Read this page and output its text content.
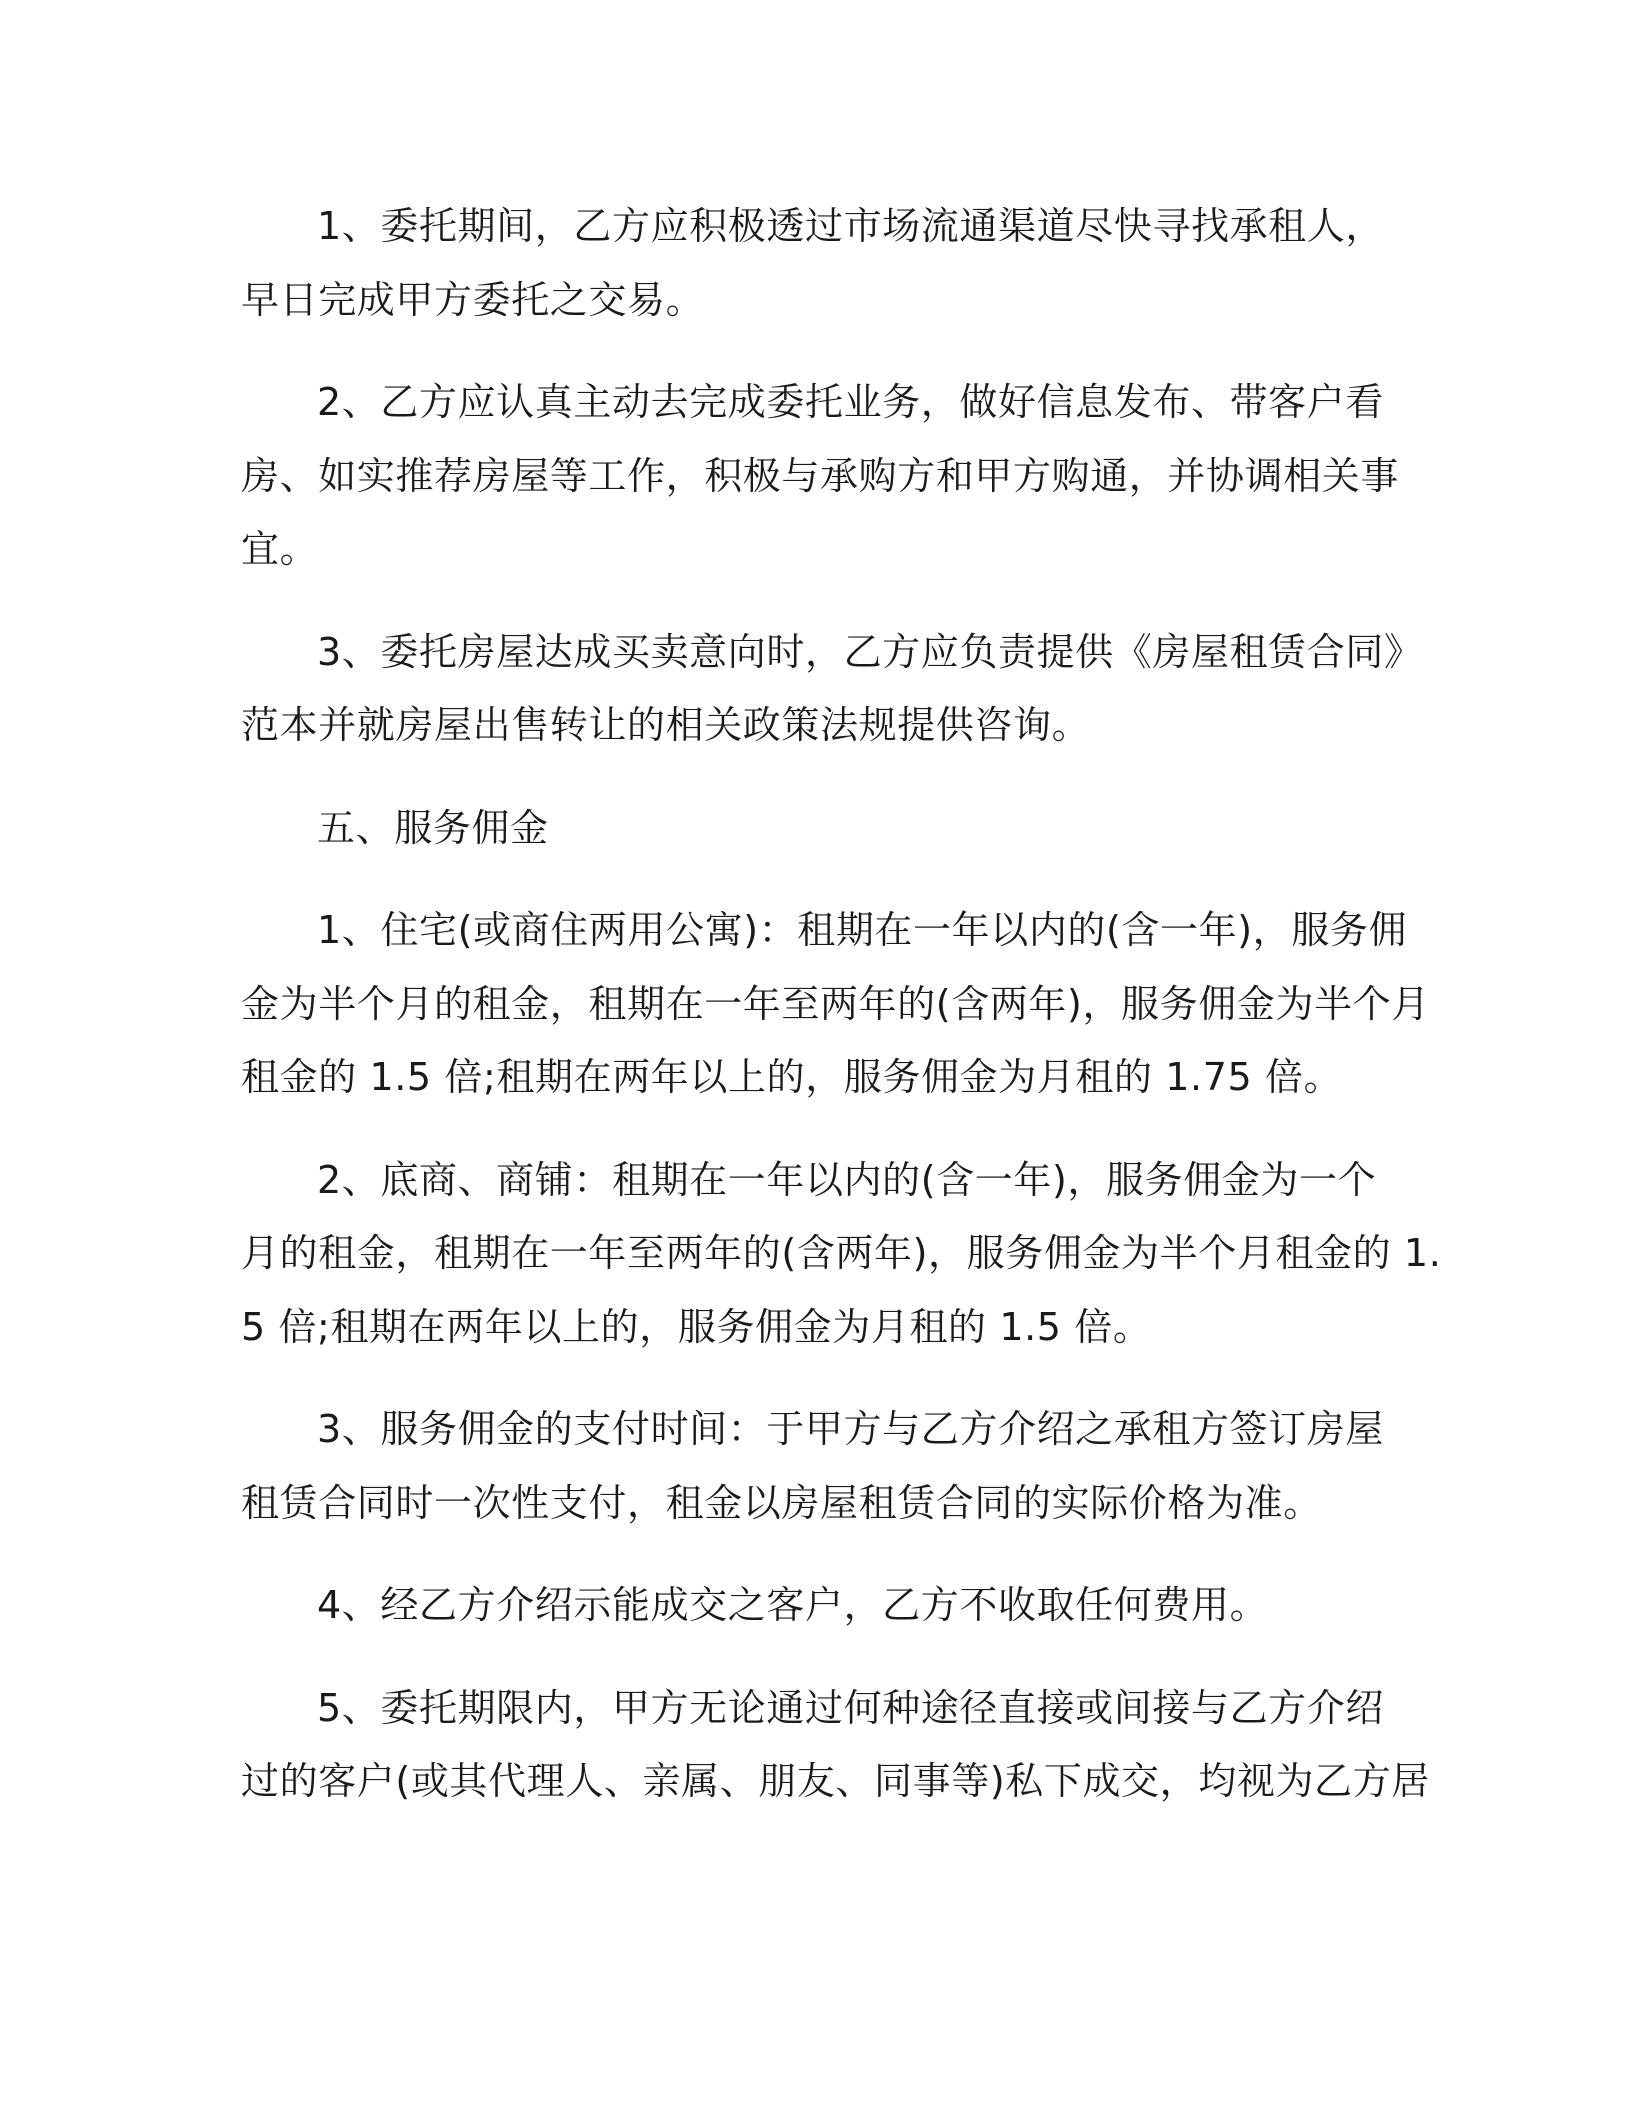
1、委托期间，乙方应积极透过市场流通渠道尽快寻找承租人，
早日完成甲方委托之交易。

2、乙方应认真主动去完成委托业务，做好信息发布、带客户看
房、如实推荐房屋等工作，积极与承购方和甲方购通，并协调相关事
宜。

3、委托房屋达成买卖意向时，乙方应负责提供《房屋租赁合同》
范本并就房屋出售转让的相关政策法规提供咨询。

五、服务佣金

1、住宅(或商住两用公寓)：租期在一年以内的(含一年)，服务佣
金为半个月的租金，租期在一年至两年的(含两年)，服务佣金为半个月
租金的 1.5 倍;租期在两年以上的，服务佣金为月租的 1.75 倍。

2、底商、商铺：租期在一年以内的(含一年)，服务佣金为一个
月的租金，租期在一年至两年的(含两年)，服务佣金为半个月租金的 1.
5 倍;租期在两年以上的，服务佣金为月租的 1.5 倍。

3、服务佣金的支付时间：于甲方与乙方介绍之承租方签订房屋
租赁合同时一次性支付，租金以房屋租赁合同的实际价格为准。

4、经乙方介绍示能成交之客户，乙方不收取任何费用。

5、委托期限内，甲方无论通过何种途径直接或间接与乙方介绍
过的客户(或其代理人、亲属、朋友、同事等)私下成交，均视为乙方居
